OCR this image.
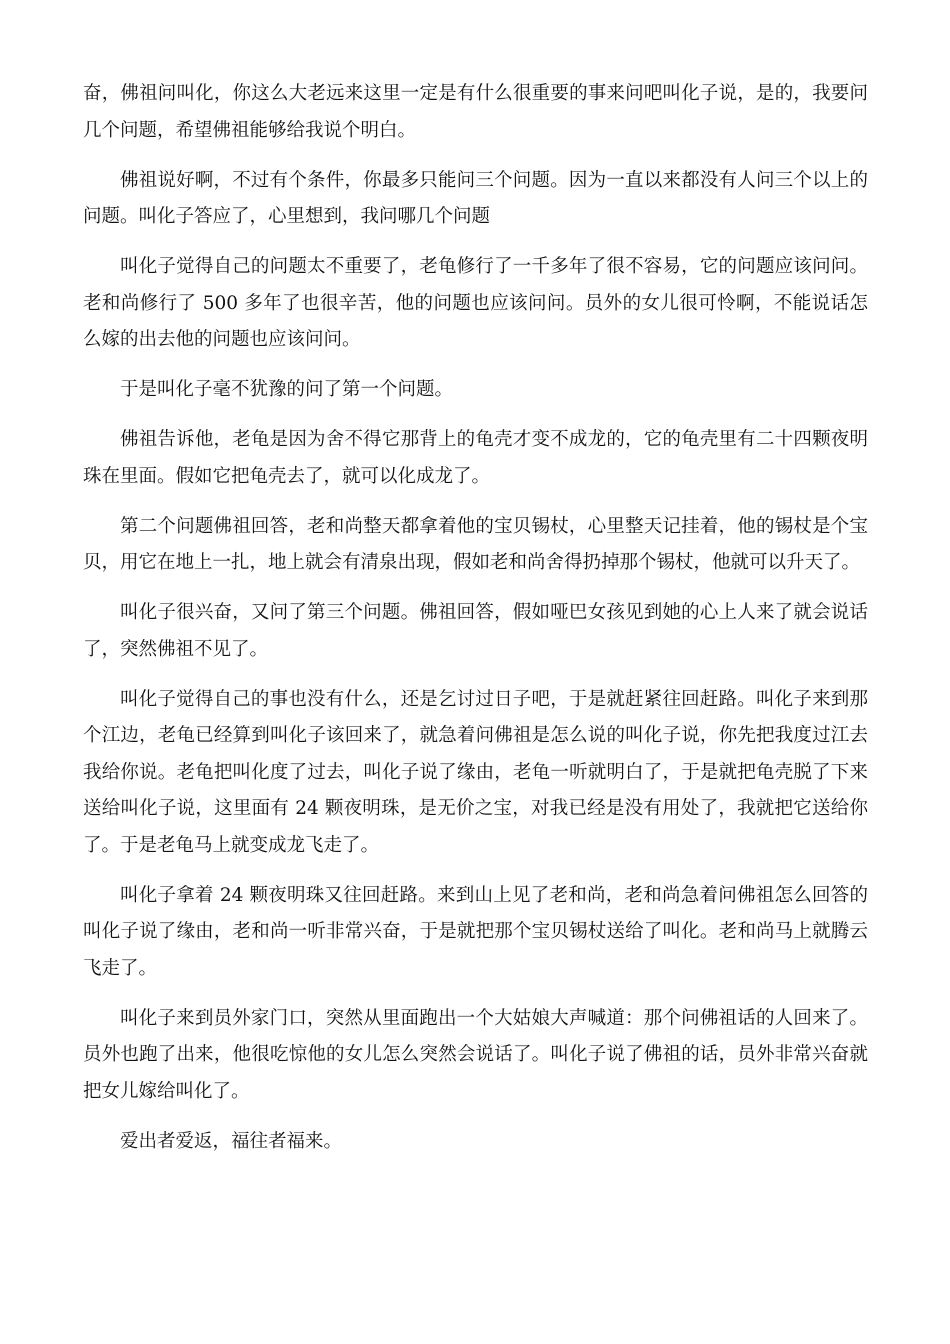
奋，佛祖问叫化，你这么大老远来这里一定是有什么很重要的事来问吧叫化子说，是的，我要问几个问题，希望佛祖能够给我说个明白。

佛祖说好啊，不过有个条件，你最多只能问三个问题。因为一直以来都没有人问三个以上的问题。叫化子答应了，心里想到，我问哪几个问题

叫化子觉得自己的问题太不重要了，老龟修行了一千多年了很不容易，它的问题应该问问。老和尚修行了 500 多年了也很辛苦，他的问题也应该问问。员外的女儿很可怜啊，不能说话怎么嫁的出去他的问题也应该问问。

于是叫化子毫不犹豫的问了第一个问题。

佛祖告诉他，老龟是因为舍不得它那背上的龟壳才变不成龙的，它的龟壳里有二十四颗夜明珠在里面。假如它把龟壳去了，就可以化成龙了。

第二个问题佛祖回答，老和尚整天都拿着他的宝贝锡杖，心里整天记挂着，他的锡杖是个宝贝，用它在地上一扎，地上就会有清泉出现，假如老和尚舍得扔掉那个锡杖，他就可以升天了。

叫化子很兴奋，又问了第三个问题。佛祖回答，假如哑巴女孩见到她的心上人来了就会说话了，突然佛祖不见了。

叫化子觉得自己的事也没有什么，还是乞讨过日子吧，于是就赶紧往回赶路。叫化子来到那个江边，老龟已经算到叫化子该回来了，就急着问佛祖是怎么说的叫化子说，你先把我度过江去我给你说。老龟把叫化度了过去，叫化子说了缘由，老龟一听就明白了，于是就把龟壳脱了下来送给叫化子说，这里面有 24 颗夜明珠，是无价之宝，对我已经是没有用处了，我就把它送给你了。于是老龟马上就变成龙飞走了。

叫化子拿着 24 颗夜明珠又往回赶路。来到山上见了老和尚，老和尚急着问佛祖怎么回答的叫化子说了缘由，老和尚一听非常兴奋，于是就把那个宝贝锡杖送给了叫化。老和尚马上就腾云飞走了。

叫化子来到员外家门口，突然从里面跑出一个大姑娘大声喊道：那个问佛祖话的人回来了。员外也跑了出来，他很吃惊他的女儿怎么突然会说话了。叫化子说了佛祖的话，员外非常兴奋就把女儿嫁给叫化了。

爱出者爱返，福往者福来。
